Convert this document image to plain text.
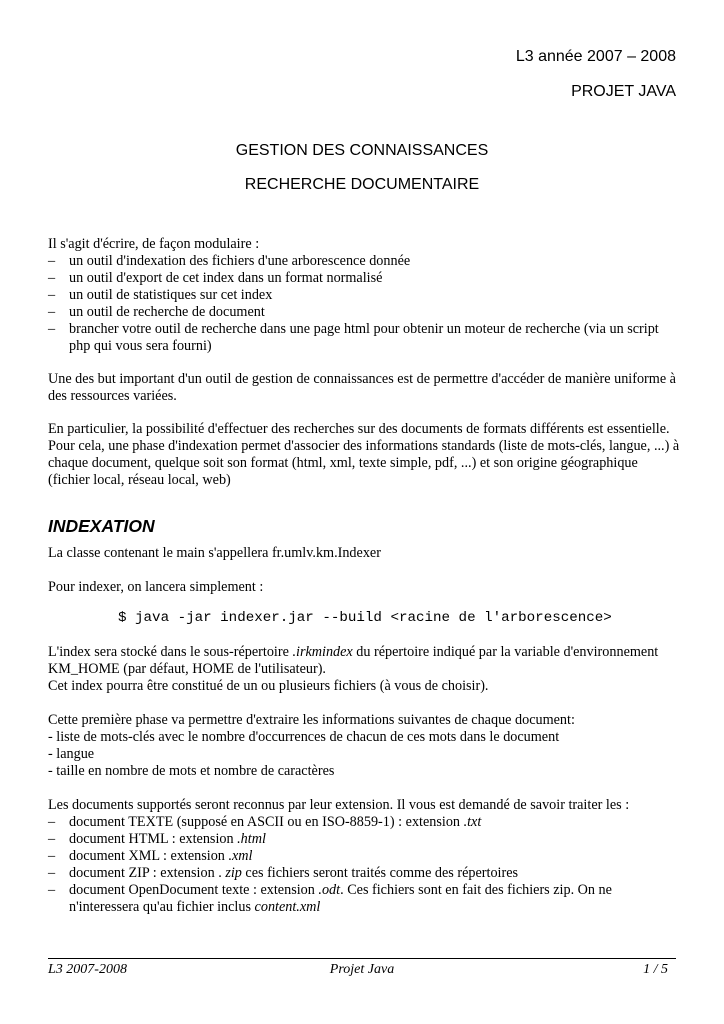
L3 année 2007 – 2008
PROJET JAVA
GESTION DES CONNAISSANCES
RECHERCHE DOCUMENTAIRE
Il s'agit d'écrire, de façon modulaire :
– un outil d'indexation des fichiers d'une arborescence donnée
– un outil d'export de cet index dans un format normalisé
– un outil de statistiques sur cet index
– un outil de recherche de document
– brancher votre outil de recherche dans une page html pour obtenir un moteur de recherche (via un script php qui vous sera fourni)
Une des but important d'un outil de gestion de connaissances est de permettre d'accéder de manière uniforme à des ressources variées.
En particulier, la possibilité d'effectuer des recherches sur des documents de formats différents est essentielle. Pour cela, une phase d'indexation permet d'associer des informations standards (liste de mots-clés, langue, ...) à chaque document, quelque soit son format (html, xml, texte simple, pdf, ...) et son origine géographique (fichier local, réseau local, web)
INDEXATION
La classe contenant le main s'appellera fr.umlv.km.Indexer
Pour indexer, on lancera simplement :
$ java -jar indexer.jar --build <racine de l'arborescence>
L'index sera stocké dans le sous-répertoire .irkmindex du répertoire indiqué par la variable d'environnement KM_HOME (par défaut, HOME de l'utilisateur).
Cet index pourra être constitué de un ou plusieurs fichiers (à vous de choisir).
Cette première phase va permettre d'extraire les informations suivantes de chaque document:
- liste de mots-clés avec le nombre d'occurrences de chacun de ces mots dans le document
- langue
- taille en nombre de mots et nombre de caractères
Les documents supportés seront reconnus par leur extension. Il vous est demandé de savoir traiter les :
– document TEXTE (supposé en ASCII ou en ISO-8859-1) : extension .txt
– document HTML : extension .html
– document XML : extension .xml
– document ZIP : extension . zip ces fichiers seront traités comme des répertoires
– document OpenDocument texte : extension .odt. Ces fichiers sont en fait des fichiers zip. On ne n'interessera qu'au fichier inclus content.xml
L3 2007-2008	Projet Java	1 / 5
